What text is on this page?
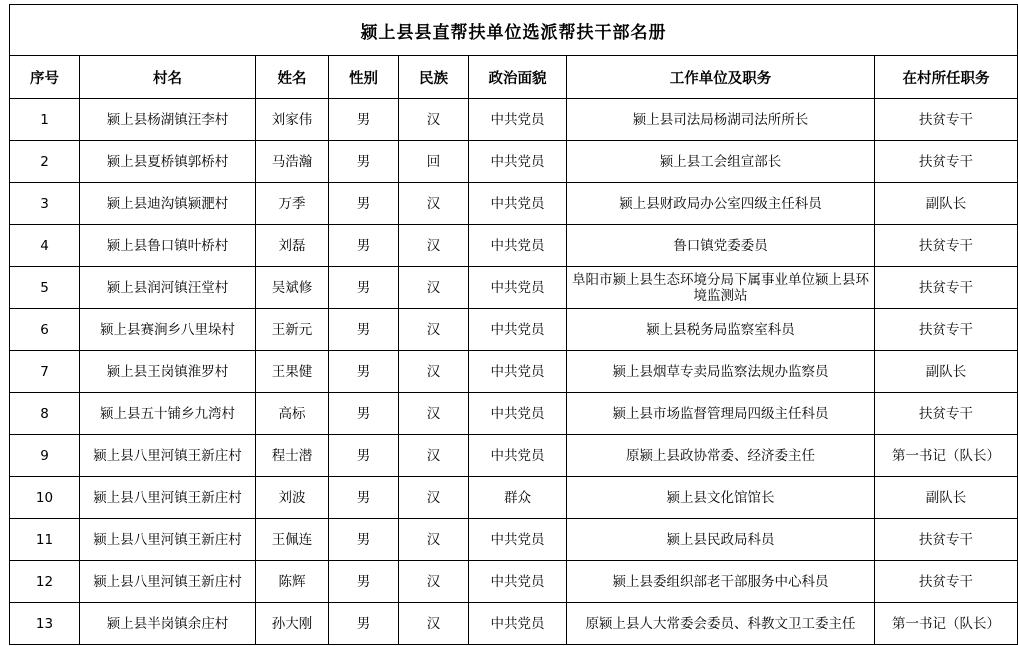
颍上县县直帮扶单位选派帮扶干部名册							
序号	村名	姓名	性别	民族	政治面貌	工作单位及职务	在村所任职务
1	颍上县杨湖镇汪李村	刘家伟	男	汉	中共党员	颍上县司法局杨湖司法所所长	扶贫专干
2	颍上县夏桥镇郭桥村	马浩瀚	男	回	中共党员	颍上县工会组宣部长	扶贫专干
3	颍上县迪沟镇颍淝村	万季	男	汉	中共党员	颍上县财政局办公室四级主任科员	副队长
4	颍上县鲁口镇叶桥村	刘磊	男	汉	中共党员	鲁口镇党委委员	扶贫专干
5	颍上县润河镇汪堂村	吴斌修	男	汉	中共党员	阜阳市颍上县生态环境分局下属事业单位颍上县环境监测站	扶贫专干
6	颍上县赛涧乡八里垛村	王新元	男	汉	中共党员	颍上县税务局监察室科员	扶贫专干
7	颍上县王岗镇淮罗村	王果健	男	汉	中共党员	颍上县烟草专卖局监察法规办监察员	副队长
8	颍上县五十铺乡九湾村	高标	男	汉	中共党员	颍上县市场监督管理局四级主任科员	扶贫专干
9	颍上县八里河镇王新庄村	程士潜	男	汉	中共党员	原颍上县政协常委、经济委主任	第一书记（队长）
10	颍上县八里河镇王新庄村	刘波	男	汉	群众	颍上县文化馆馆长	副队长
11	颍上县八里河镇王新庄村	王佩连	男	汉	中共党员	颍上县民政局科员	扶贫专干
12	颍上县八里河镇王新庄村	陈辉	男	汉	中共党员	颍上县委组织部老干部服务中心科员	扶贫专干
13	颍上县半岗镇余庄村	孙大刚	男	汉	中共党员	原颍上县人大常委会委员、科教文卫工委主任	第一书记（队长）
